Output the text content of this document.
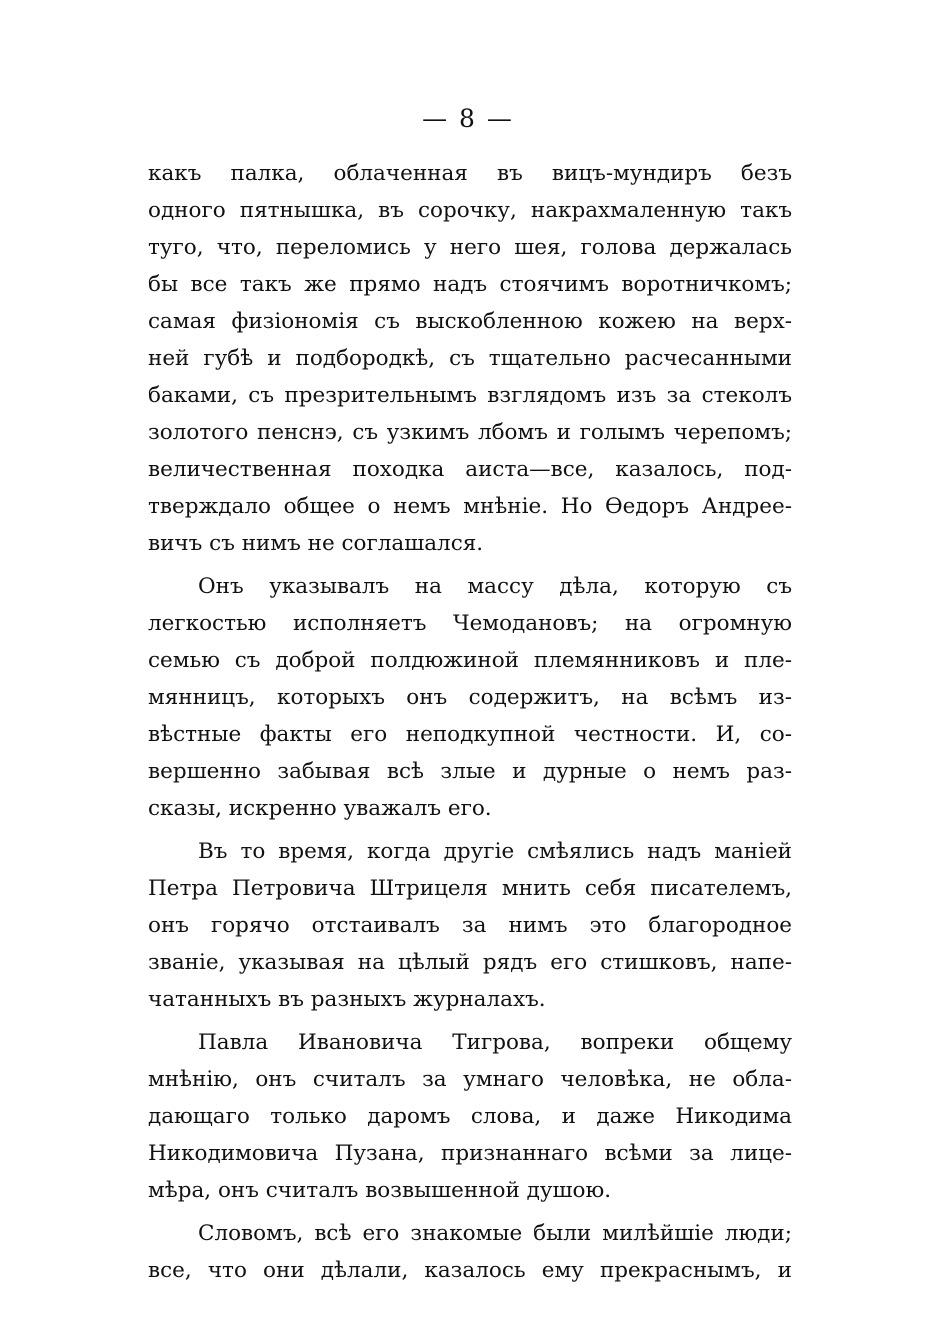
— 8 —
какъ палка, облаченная въ вицъ-мундиръ безъ
одного пятнышка, въ сорочку, накрахмаленную такъ
туго, что, переломись у него шея, голова держалась
бы все такъ же прямо надъ стоячимъ воротничкомъ;
самая физіономія съ выскобленною кожею на верх-
ней губѣ и подбородкѣ, съ тщательно расчесанными
баками, съ презрительнымъ взглядомъ изъ за стеколъ
золотого пенснэ, съ узкимъ лбомъ и голымъ черепомъ;
величественная походка аиста—все, казалось, под-
тверждало общее о немъ мнѣніе. Но Ѳедоръ Андрее-
вичъ съ нимъ не соглашался.
Онъ указывалъ на массу дѣла, которую съ
легкостью исполняетъ Чемодановъ; на огромную
семью съ доброй полдюжиной племянниковъ и пле-
мянницъ, которыхъ онъ содержитъ, на всѣмъ из-
вѣстные факты его неподкупной честности. И, со-
вершенно забывая всѣ злые и дурные о немъ раз-
сказы, искренно уважалъ его.
Въ то время, когда другіе смѣялись надъ маніей
Петра Петровича Штрицеля мнить себя писателемъ,
онъ горячо отстаивалъ за нимъ это благородное
званіе, указывая на цѣлый рядъ его стишковъ, напе-
чатанныхъ въ разныхъ журналахъ.
Павла Ивановича Тигрова, вопреки общему
мнѣнію, онъ считалъ за умнаго человѣка, не обла-
дающаго только даромъ слова, и даже Никодима
Никодимовича Пузана, признаннаго всѣми за лице-
мѣра, онъ считалъ возвышенной душою.
Словомъ, всѣ его знакомые были милѣйшіе люди;
все, что они дѣлали, казалось ему прекраснымъ, и
